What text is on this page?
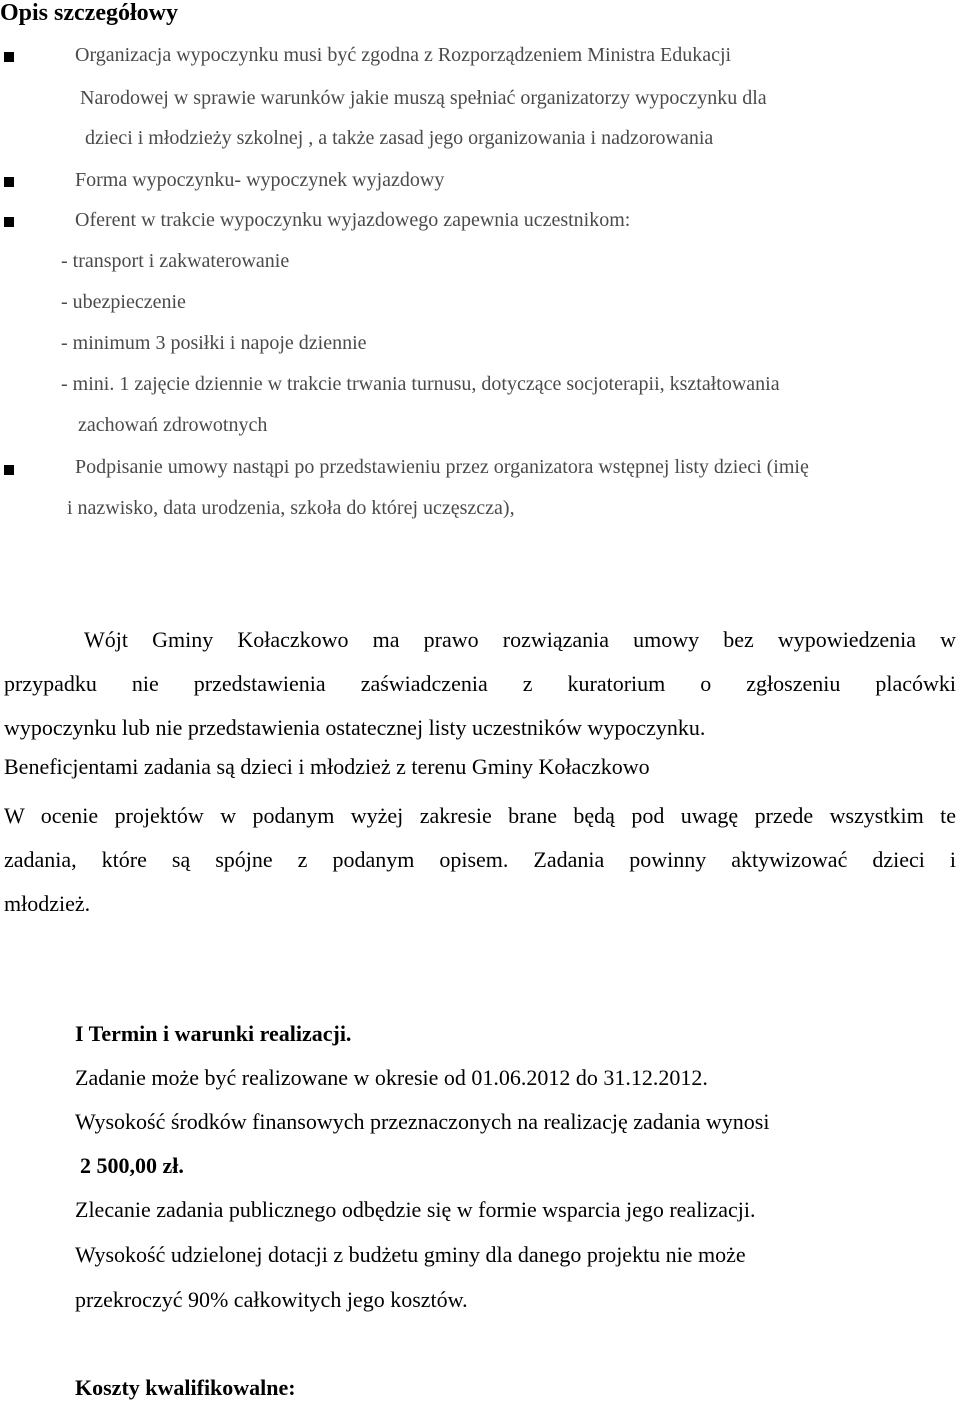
Opis szczegółowy
Organizacja wypoczynku musi być zgodna z Rozporządzeniem Ministra Edukacji
Narodowej w sprawie warunków jakie muszą spełniać organizatorzy wypoczynku dla
dzieci i młodzieży szkolnej , a także zasad jego organizowania i nadzorowania
Forma wypoczynku- wypoczynek wyjazdowy
Oferent w trakcie wypoczynku wyjazdowego zapewnia uczestnikom:
- transport i zakwaterowanie
- ubezpieczenie
- minimum 3 posiłki i napoje dziennie
- mini. 1 zajęcie dziennie w trakcie trwania turnusu, dotyczące socjoterapii, kształtowania
zachowań zdrowotnych
Podpisanie umowy nastąpi po przedstawieniu przez organizatora wstępnej listy dzieci (imię
i nazwisko, data urodzenia, szkoła do której uczęszcza),
Wójt Gminy Kołaczkowo ma prawo rozwiązania umowy bez wypowiedzenia w
przypadku nie przedstawienia zaświadczenia z kuratorium o zgłoszeniu placówki
wypoczynku lub nie przedstawienia ostatecznej listy uczestników wypoczynku.
Beneficjentami zadania są dzieci i młodzież z terenu Gminy Kołaczkowo
W ocenie projektów w podanym wyżej zakresie brane będą pod uwagę przede wszystkim te
zadania, które są spójne z podanym opisem. Zadania powinny aktywizować dzieci i
młodzież.
I Termin i warunki realizacji.
Zadanie może być realizowane w okresie od 01.06.2012 do 31.12.2012.
Wysokość środków finansowych przeznaczonych na realizację zadania wynosi
2 500,00 zł.
Zlecanie zadania publicznego odbędzie się w formie wsparcia jego realizacji.
Wysokość udzielonej dotacji z budżetu gminy dla danego projektu nie może
przekroczyć 90% całkowitych jego kosztów.
Koszty kwalifikowalne:
